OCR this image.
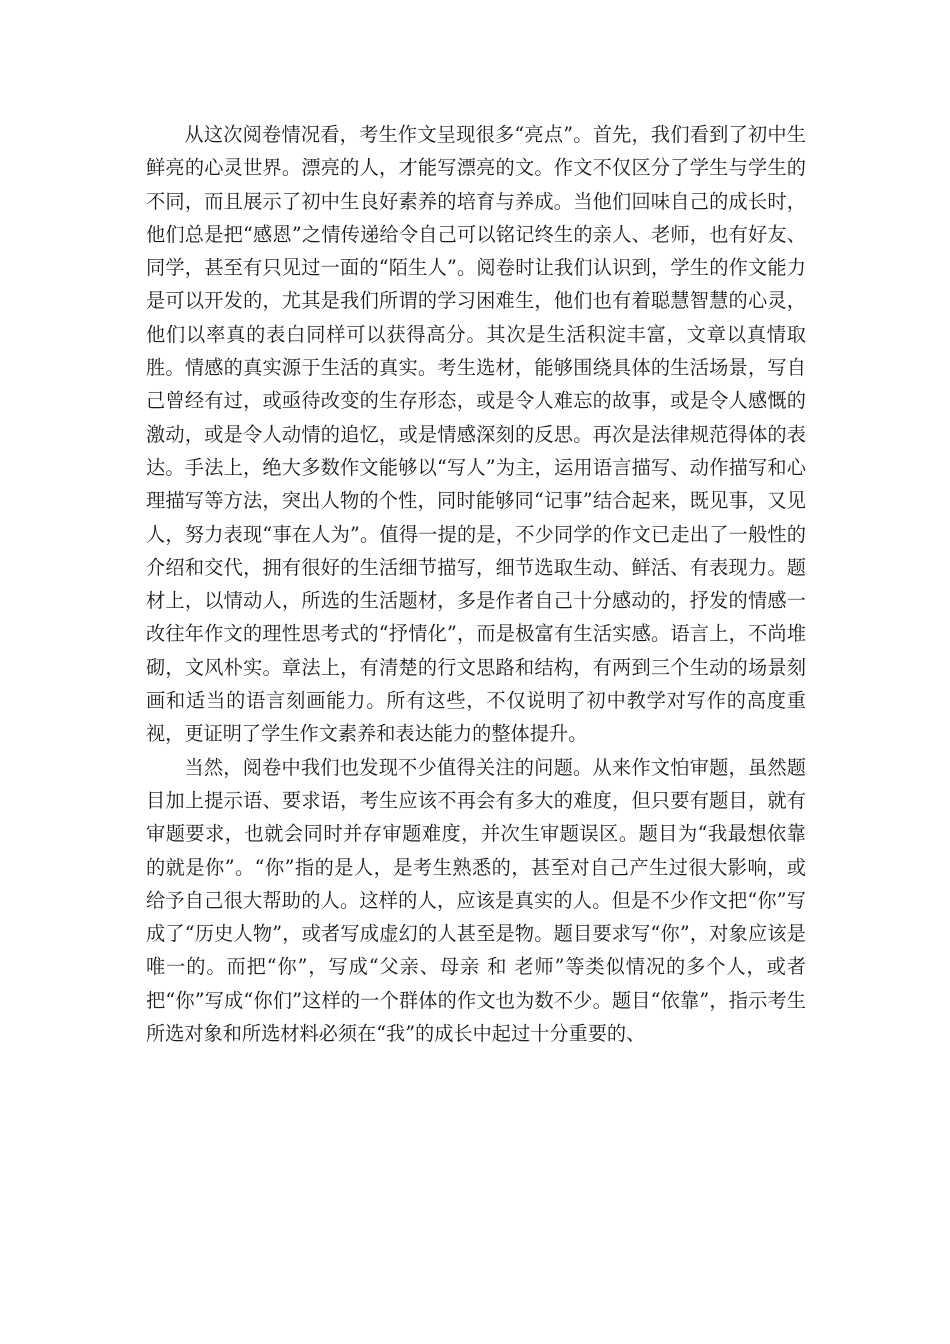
从这次阅卷情况看，考生作文呈现很多“亮点”。首先，我们看到了初中生鲜亮的心灵世界。漂亮的人，才能写漂亮的文。作文不仅区分了学生与学生的不同，而且展示了初中生良好素养的培育与养成。当他们回味自己的成长时，他们总是把“感恩”之情传递给令自己可以铭记终生的亲人、老师，也有好友、同学，甚至有只见过一面的“陌生人”。阅卷时让我们认识到，学生的作文能力是可以开发的，尤其是我们所谓的学习困难生，他们也有着聪慧智慧的心灵，他们以率真的表白同样可以获得高分。其次是生活积淀丰富，文章以真情取胜。情感的真实源于生活的真实。考生选材，能够围绕具体的生活场景，写自己曾经有过，或亟待改变的生存形态，或是令人难忘的故事，或是令人感慨的激动，或是令人动情的追忆，或是情感深刻的反思。再次是法律规范得体的表达。手法上，绝大多数作文能够以“写人”为主，运用语言描写、动作描写和心理描写等方法，突出人物的个性，同时能够同“记事”结合起来，既见事，又见人，努力表现“事在人为”。值得一提的是，不少同学的作文已走出了一般性的介绍和交代，拥有很好的生活细节描写，细节选取生动、鲜活、有表现力。题材上，以情动人，所选的生活题材，多是作者自己十分感动的，抒发的情感一改往年作文的理性思考式的“抒情化”，而是极富有生活实感。语言上，不尚堆砌，文风朴实。章法上，有清楚的行文思路和结构，有两到三个生动的场景刻画和适当的语言刻画能力。所有这些，不仅说明了初中教学对写作的高度重视，更证明了学生作文素养和表达能力的整体提升。

当然，阅卷中我们也发现不少值得关注的问题。从来作文怕审题，虽然题目加上提示语、要求语，考生应该不再会有多大的难度，但只要有题目，就有审题要求，也就会同时并存审题难度，并次生审题误区。题目为“我最想依靠的就是你”。“你”指的是人，是考生熟悉的，甚至对自己产生过很大影响，或给予自己很大帮助的人。这样的人，应该是真实的人。但是不少作文把“你”写成了“历史人物”，或者写成虚幻的人甚至是物。题目要求写“你”，对象应该是唯一的。而把“你”，写成“父亲、母亲 和 老师”等类似情况的多个人，或者把“你”写成“你们”这样的一个群体的作文也为数不少。题目“依靠”，指示考生所选对象和所选材料必须在“我”的成长中起过十分重要的、
